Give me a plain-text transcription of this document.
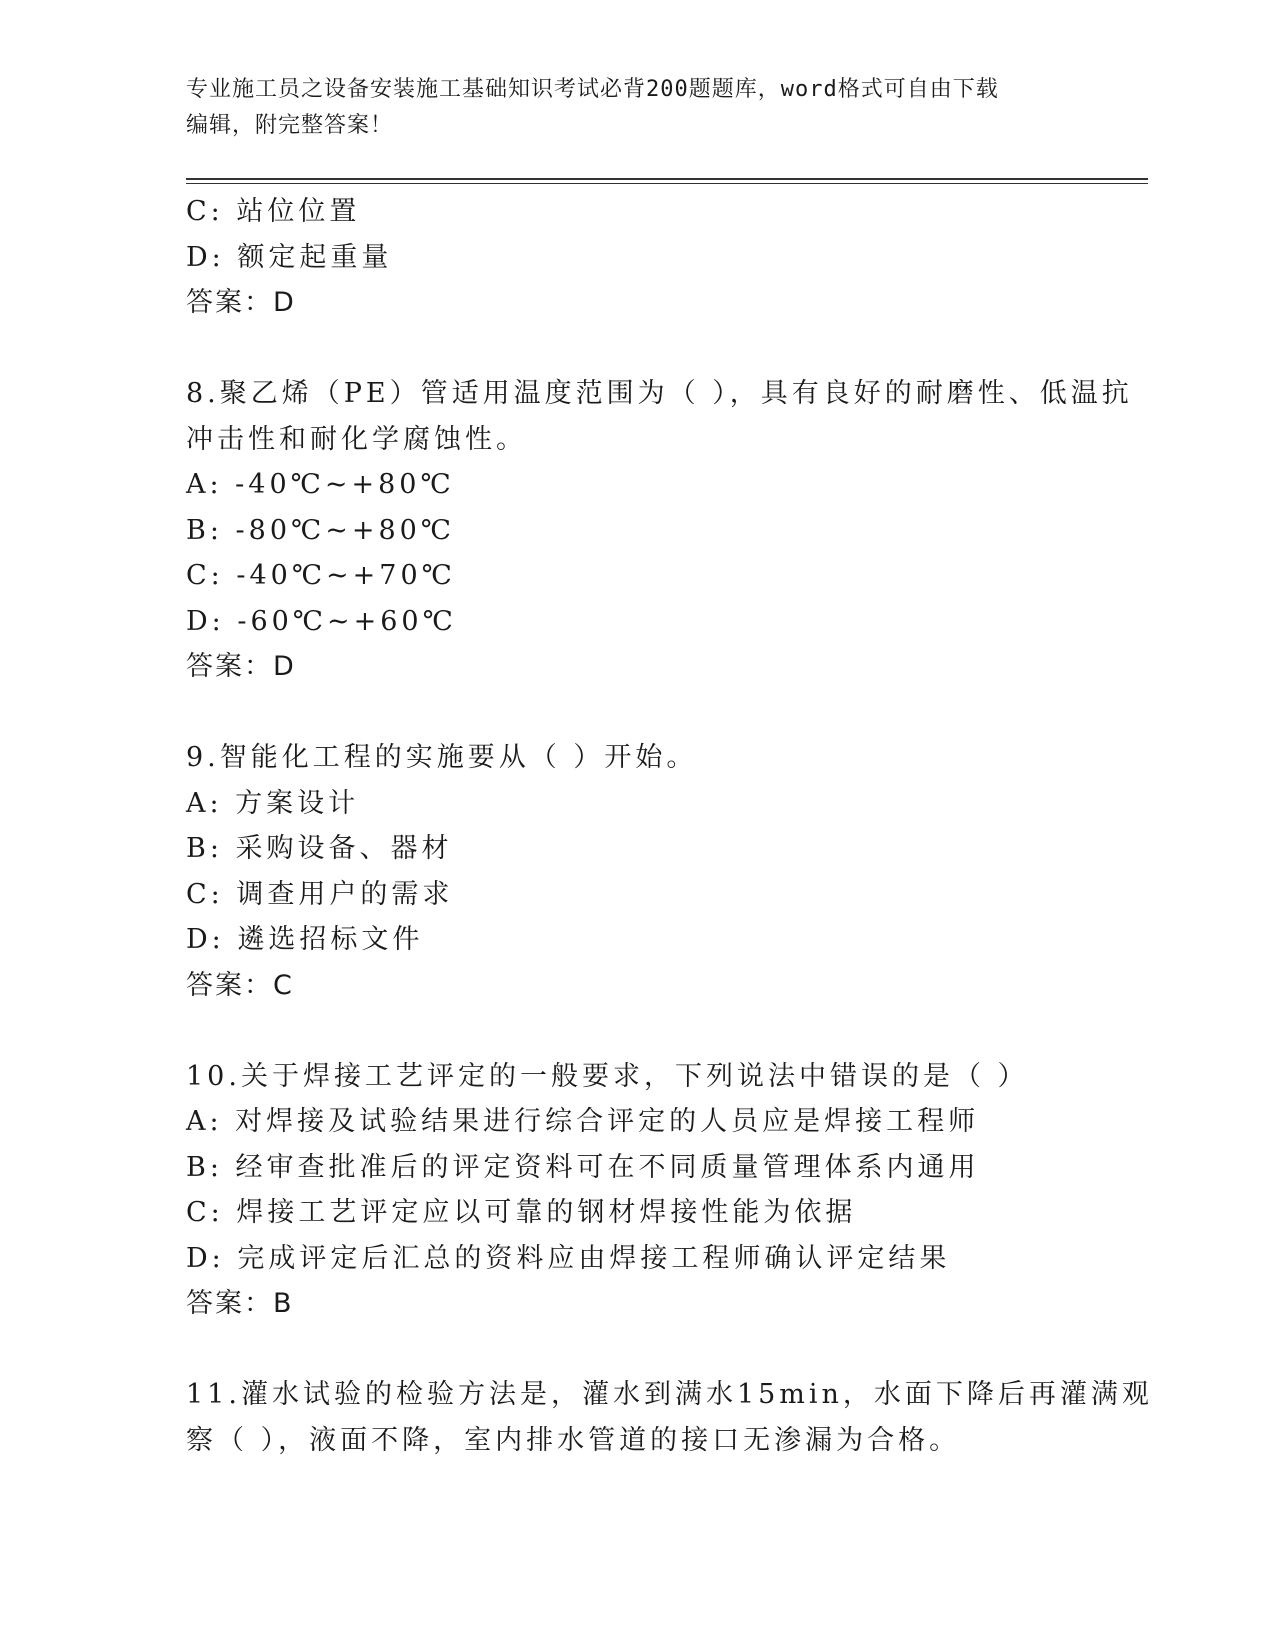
专业施工员之设备安装施工基础知识考试必背200题题库，word格式可自由下载
编辑，附完整答案！
C: 站位位置
D: 额定起重量
答案：D
8.聚乙烯（PE）管适用温度范围为（ ），具有良好的耐磨性、低温抗
冲击性和耐化学腐蚀性。
A: -40℃~+80℃
B: -80℃~+80℃
C: -40℃~+70℃
D: -60℃~+60℃
答案：D
9.智能化工程的实施要从（ ）开始。
A: 方案设计
B: 采购设备、器材
C: 调查用户的需求
D: 遴选招标文件
答案：C
10.关于焊接工艺评定的一般要求，下列说法中错误的是（ ）
A: 对焊接及试验结果进行综合评定的人员应是焊接工程师
B: 经审查批准后的评定资料可在不同质量管理体系内通用
C: 焊接工艺评定应以可靠的钢材焊接性能为依据
D: 完成评定后汇总的资料应由焊接工程师确认评定结果
答案：B
11.灌水试验的检验方法是，灌水到满水15min，水面下降后再灌满观
察（ ），液面不降，室内排水管道的接口无渗漏为合格。
